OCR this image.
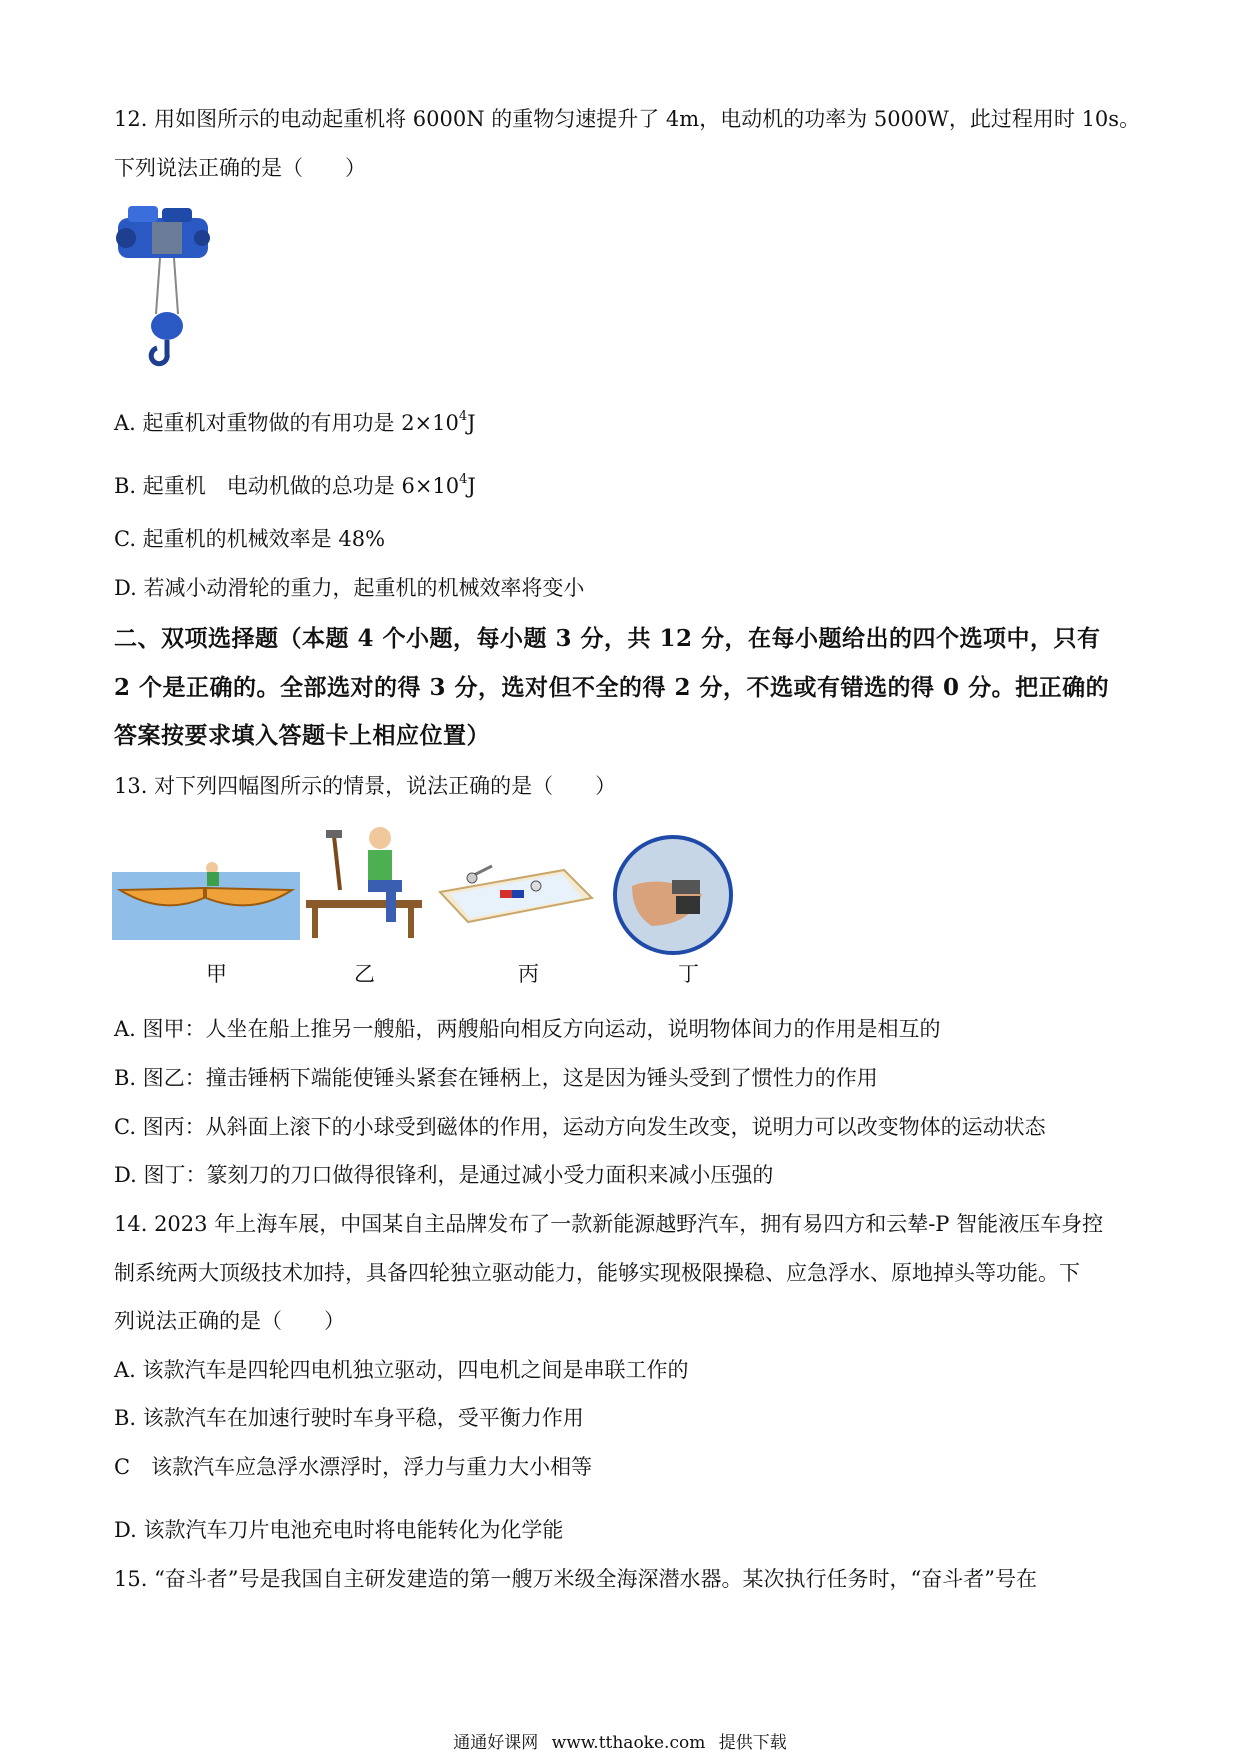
12. 用如图所示的电动起重机将 6000N 的重物匀速提升了 4m，电动机的功率为 5000W，此过程用时 10s。
下列说法正确的是（　　）
A. 起重机对重物做的有用功是 $2\times 10^4J$
B. 起重机　电动机做的总功是 $6\times 10^4J$
C. 起重机的机械效率是 48%
D. 若减小动滑轮的重力，起重机的机械效率将变小
二、双项选择题（本题 4 个小题，每小题 3 分，共 12 分，在每小题给出的四个选项中，只有
2 个是正确的。全部选对的得 3 分，选对但不全的得 2 分，不选或有错选的得 0 分。把正确的
答案按要求填入答题卡上相应位置）
13. 对下列四幅图所示的情景，说法正确的是（　　）
甲	乙	丙	丁
A. 图甲：人坐在船上推另一艘船，两艘船向相反方向运动，说明物体间力的作用是相互的
B. 图乙：撞击锤柄下端能使锤头紧套在锤柄上，这是因为锤头受到了惯性力的作用
C. 图丙：从斜面上滚下的小球受到磁体的作用，运动方向发生改变，说明力可以改变物体的运动状态
D. 图丁：篆刻刀的刀口做得很锋利，是通过减小受力面积来减小压强的
14. 2023 年上海车展，中国某自主品牌发布了一款新能源越野汽车，拥有易四方和云辇-P 智能液压车身控
制系统两大顶级技术加持，具备四轮独立驱动能力，能够实现极限操稳、应急浮水、原地掉头等功能。下
列说法正确的是（　　）
A. 该款汽车是四轮四电机独立驱动，四电机之间是串联工作的
B. 该款汽车在加速行驶时车身平稳，受平衡力作用
C　该款汽车应急浮水漂浮时，浮力与重力大小相等
D. 该款汽车刀片电池充电时将电能转化为化学能
15. “奋斗者”号是我国自主研发建造的第一艘万米级全海深潜水器。某次执行任务时，“奋斗者”号在
通通好课网 www.tthaoke.com 提供下载
